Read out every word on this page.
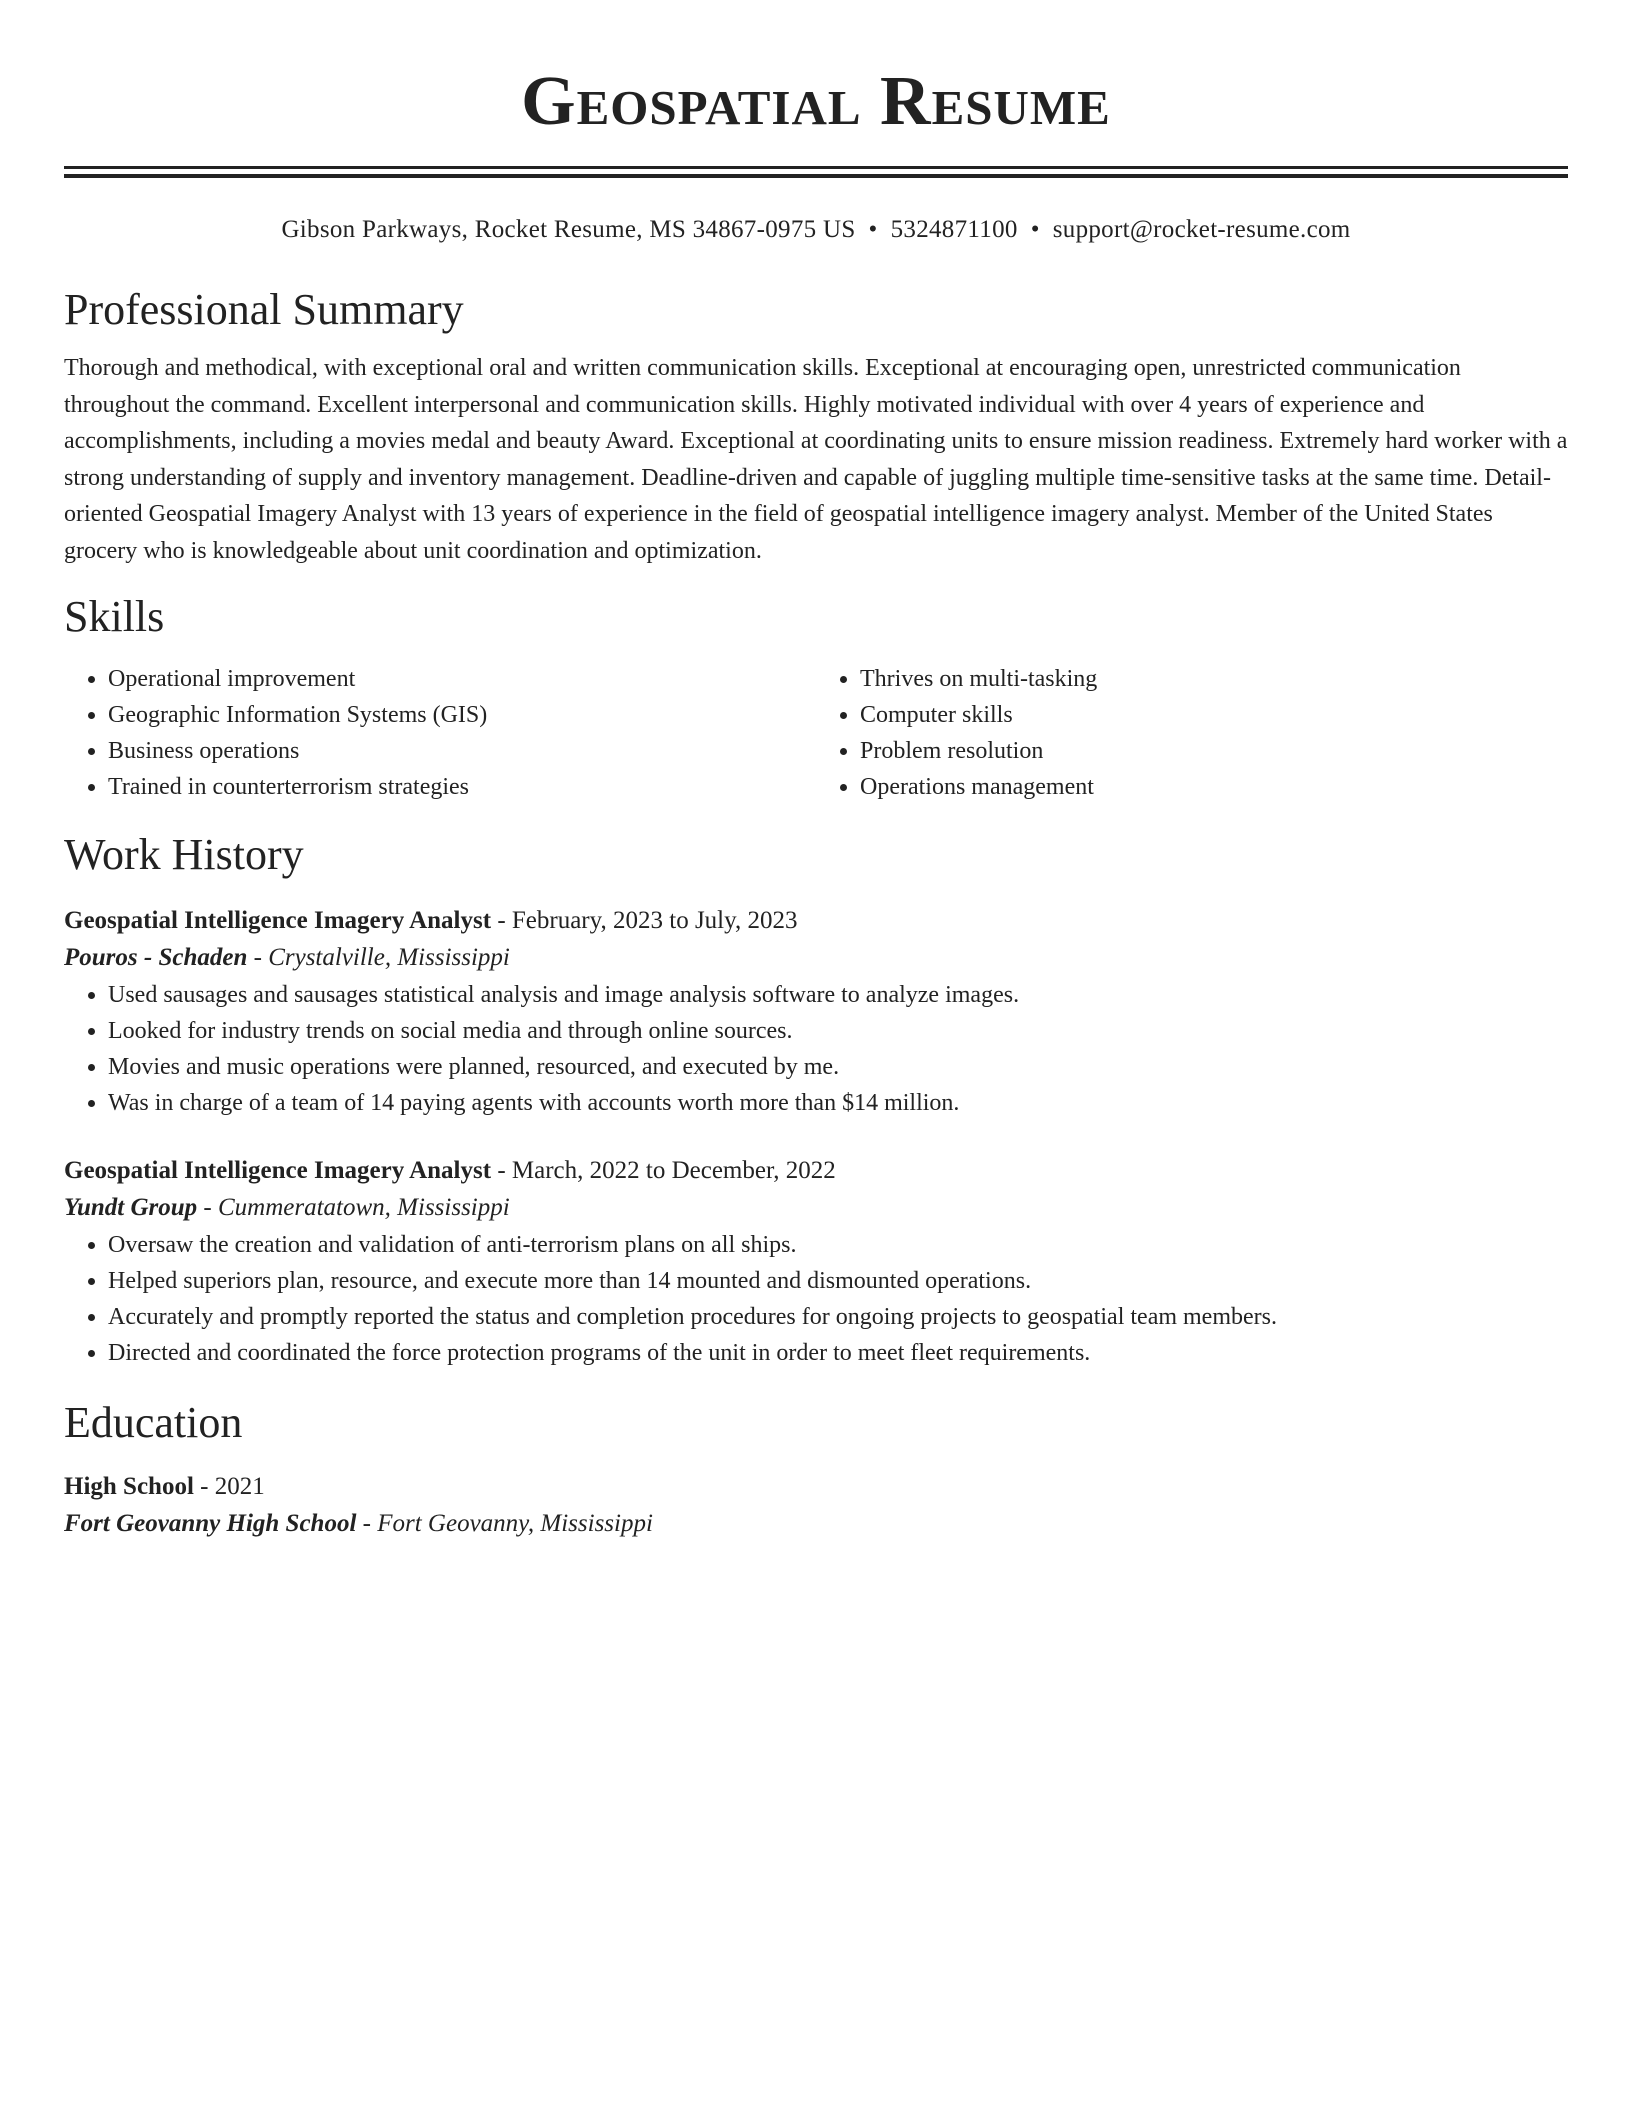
Geospatial Resume
Gibson Parkways, Rocket Resume, MS 34867-0975 US • 5324871100 • support@rocket-resume.com
Professional Summary

Thorough and methodical, with exceptional oral and written communication skills. Exceptional at encouraging open, unrestricted communication throughout the command. Excellent interpersonal and communication skills. Highly motivated individual with over 4 years of experience and accomplishments, including a movies medal and beauty Award. Exceptional at coordinating units to ensure mission readiness. Extremely hard worker with a strong understanding of supply and inventory management. Deadline-driven and capable of juggling multiple time-sensitive tasks at the same time. Detail-oriented Geospatial Imagery Analyst with 13 years of experience in the field of geospatial intelligence imagery analyst. Member of the United States grocery who is knowledgeable about unit coordination and optimization.

Skills
• Operational improvement
• Geographic Information Systems (GIS)
• Business operations
• Trained in counterterrorism strategies
• Thrives on multi-tasking
• Computer skills
• Problem resolution
• Operations management
Work History
Geospatial Intelligence Imagery Analyst - February, 2023 to July, 2023
Pouros - Schaden - Crystalville, Mississippi
• Used sausages and sausages statistical analysis and image analysis software to analyze images.
• Looked for industry trends on social media and through online sources.
• Movies and music operations were planned, resourced, and executed by me.
• Was in charge of a team of 14 paying agents with accounts worth more than $14 million.
Geospatial Intelligence Imagery Analyst - March, 2022 to December, 2022
Yundt Group - Cummeratatown, Mississippi
• Oversaw the creation and validation of anti-terrorism plans on all ships.
• Helped superiors plan, resource, and execute more than 14 mounted and dismounted operations.
• Accurately and promptly reported the status and completion procedures for ongoing projects to geospatial team members.
• Directed and coordinated the force protection programs of the unit in order to meet fleet requirements.
Education
High School - 2021
Fort Geovanny High School - Fort Geovanny, Mississippi
